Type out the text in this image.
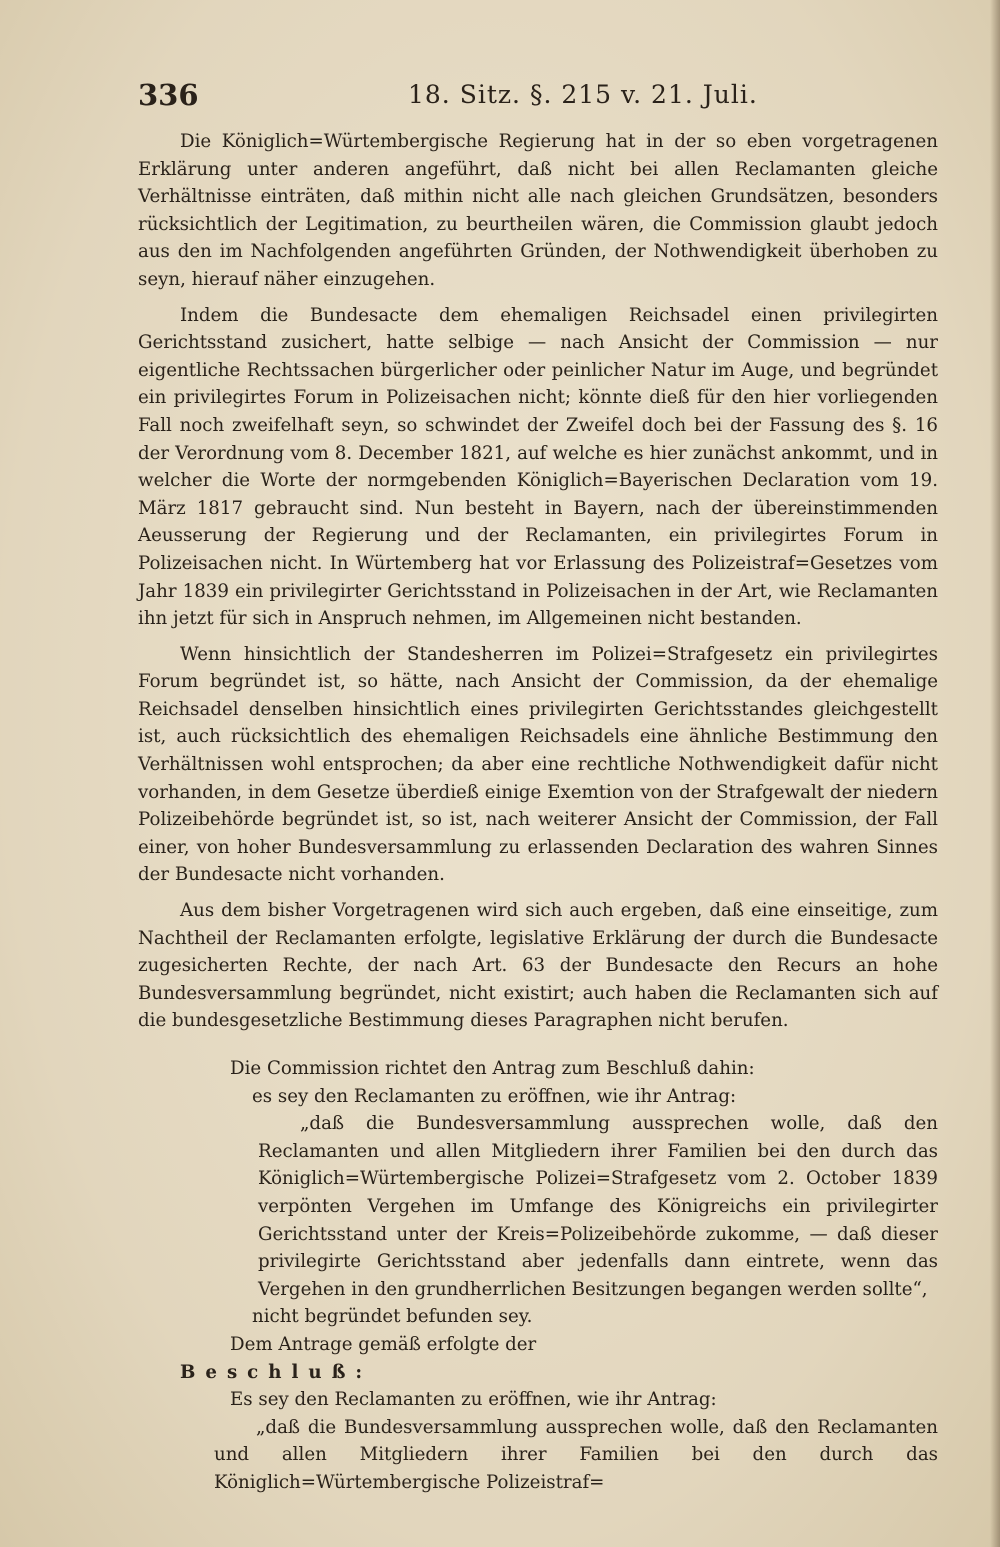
336	18. Sitz. §. 215 v. 21. Juli.

Die Königlich=Würtembergische Regierung hat in der so eben vorgetragenen Erklärung unter anderen angeführt, daß nicht bei allen Reclamanten gleiche Verhältnisse einträten, daß mithin nicht alle nach gleichen Grundsätzen, besonders rücksichtlich der Legitimation, zu beurtheilen wären, die Commission glaubt jedoch aus den im Nachfolgenden angeführten Gründen, der Nothwendigkeit überhoben zu seyn, hierauf näher einzugehen.

Indem die Bundesacte dem ehemaligen Reichsadel einen privilegirten Gerichtsstand zusichert, hatte selbige — nach Ansicht der Commission — nur eigentliche Rechtssachen bürgerlicher oder peinlicher Natur im Auge, und begründet ein privilegirtes Forum in Polizeisachen nicht; könnte dieß für den hier vorliegenden Fall noch zweifelhaft seyn, so schwindet der Zweifel doch bei der Fassung des §. 16 der Verordnung vom 8. December 1821, auf welche es hier zunächst ankommt, und in welcher die Worte der normgebenden Königlich=Bayerischen Declaration vom 19. März 1817 gebraucht sind. Nun besteht in Bayern, nach der übereinstimmenden Aeusserung der Regierung und der Reclamanten, ein privilegirtes Forum in Polizeisachen nicht. In Würtemberg hat vor Erlassung des Polizeistraf=Gesetzes vom Jahr 1839 ein privilegirter Gerichtsstand in Polizeisachen in der Art, wie Reclamanten ihn jetzt für sich in Anspruch nehmen, im Allgemeinen nicht bestanden.

Wenn hinsichtlich der Standesherren im Polizei=Strafgesetz ein privilegirtes Forum begründet ist, so hätte, nach Ansicht der Commission, da der ehemalige Reichsadel denselben hinsichtlich eines privilegirten Gerichtsstandes gleichgestellt ist, auch rücksichtlich des ehemaligen Reichsadels eine ähnliche Bestimmung den Verhältnissen wohl entsprochen; da aber eine rechtliche Nothwendigkeit dafür nicht vorhanden, in dem Gesetze überdieß einige Exemtion von der Strafgewalt der niedern Polizeibehörde begründet ist, so ist, nach weiterer Ansicht der Commission, der Fall einer, von hoher Bundesversammlung zu erlassenden Declaration des wahren Sinnes der Bundesacte nicht vorhanden.

Aus dem bisher Vorgetragenen wird sich auch ergeben, daß eine einseitige, zum Nachtheil der Reclamanten erfolgte, legislative Erklärung der durch die Bundesacte zugesicherten Rechte, der nach Art. 63 der Bundesacte den Recurs an hohe Bundesversammlung begründet, nicht existirt; auch haben die Reclamanten sich auf die bundesgesetzliche Bestimmung dieses Paragraphen nicht berufen.

Die Commission richtet den Antrag zum Beschluß dahin:

es sey den Reclamanten zu eröffnen, wie ihr Antrag:

„daß die Bundesversammlung aussprechen wolle, daß den Reclamanten und allen Mitgliedern ihrer Familien bei den durch das Königlich=Würtembergische Polizei=Strafgesetz vom 2. October 1839 verpönten Vergehen im Umfange des Königreichs ein privilegirter Gerichtsstand unter der Kreis=Polizeibehörde zukomme, — daß dieser privilegirte Gerichtsstand aber jedenfalls dann eintrete, wenn das Vergehen in den grundherrlichen Besitzungen begangen werden sollte“,

nicht begründet befunden sey.

Dem Antrage gemäß erfolgte der

Beschluß:

Es sey den Reclamanten zu eröffnen, wie ihr Antrag:

„daß die Bundesversammlung aussprechen wolle, daß den Reclamanten und allen Mitgliedern ihrer Familien bei den durch das Königlich=Würtembergische Polizeistraf=
